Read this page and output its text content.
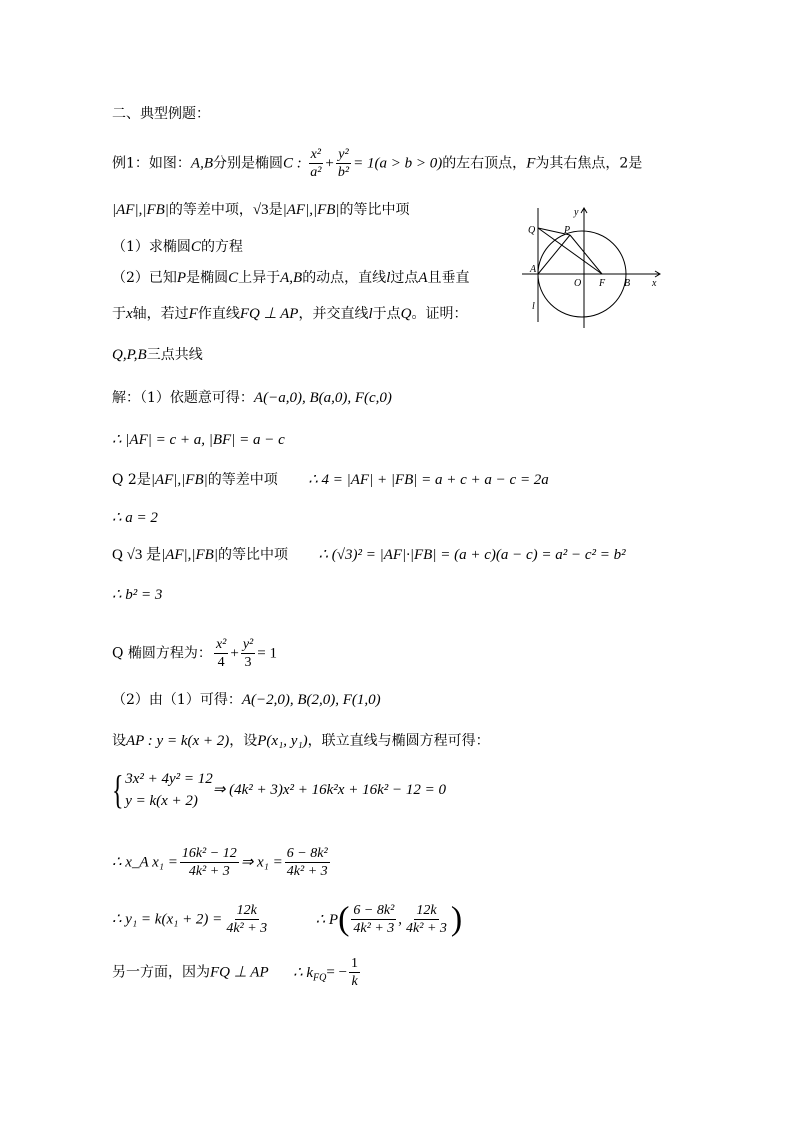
二、典型例题：
例1：如图：A,B分别是椭圆C : $\frac{\text{x²}}{\text{a²}} + \frac{\text{y²}}{\text{b²}} = 1(a > b > 0)$的左右顶点，F为其右焦点，2是
|AF|,|FB|的等差中项，√3是|AF|,|FB|的等比中项
（1）求椭圆C的方程
（2）已知P是椭圆C上异于A,B的动点，直线l过点A且垂直
于x轴，若过F作直线FQ ⊥ AP，并交直线l于点Q。证明：
Q,P,B三点共线
y
Q	P
A
O F B x
l
解：（1）依题意可得：A(−a,0), B(a,0), F(c,0)
∴ |AF| = c + a, |BF| = a − c
Q 2是|AF|,|FB|的等差中项 ∴ 4 = |AF| + |FB| = a + c + a − c = 2a
∴ a = 2
Q √3 是|AF|,|FB|的等比中项 ∴ (√3)² = |AF|·|FB| = (a + c)(a − c) = a² − c² = b²
∴ b² = 3
Q 椭圆方程为： $\frac{\text{x²}}{4} + \frac{\text{y²}}{3} = 1$
（2）由（1）可得：A(−2,0), B(2,0), F(1,0)
设AP : y = k(x + 2)，设P(x₁, y₁)，联立直线与椭圆方程可得：
{ 3x² + 4y² = 12
y = k(x + 2)
⇒ (4k² + 3)x² + 16k²x + 16k² − 12 = 0
∴ x_A $x_1 = \frac{\text{16k² − 12}}{\text{4k² + 3}}$ ⇒ $x_1 = \frac{\text{6 − 8k²}}{\text{4k² + 3}}$
∴ $y_1 = k(x_1 + 2) = \frac{12k}{\text{4k² + 3}}$	∴ $P( \frac{\text{6 − 8k²}}{\text{4k² + 3}}$ , $\frac{12k}{\text{4k² + 3}}$ )
另一方面，因为FQ ⊥ AP ∴ $k_{FQ}= - \frac{1}{k}$
